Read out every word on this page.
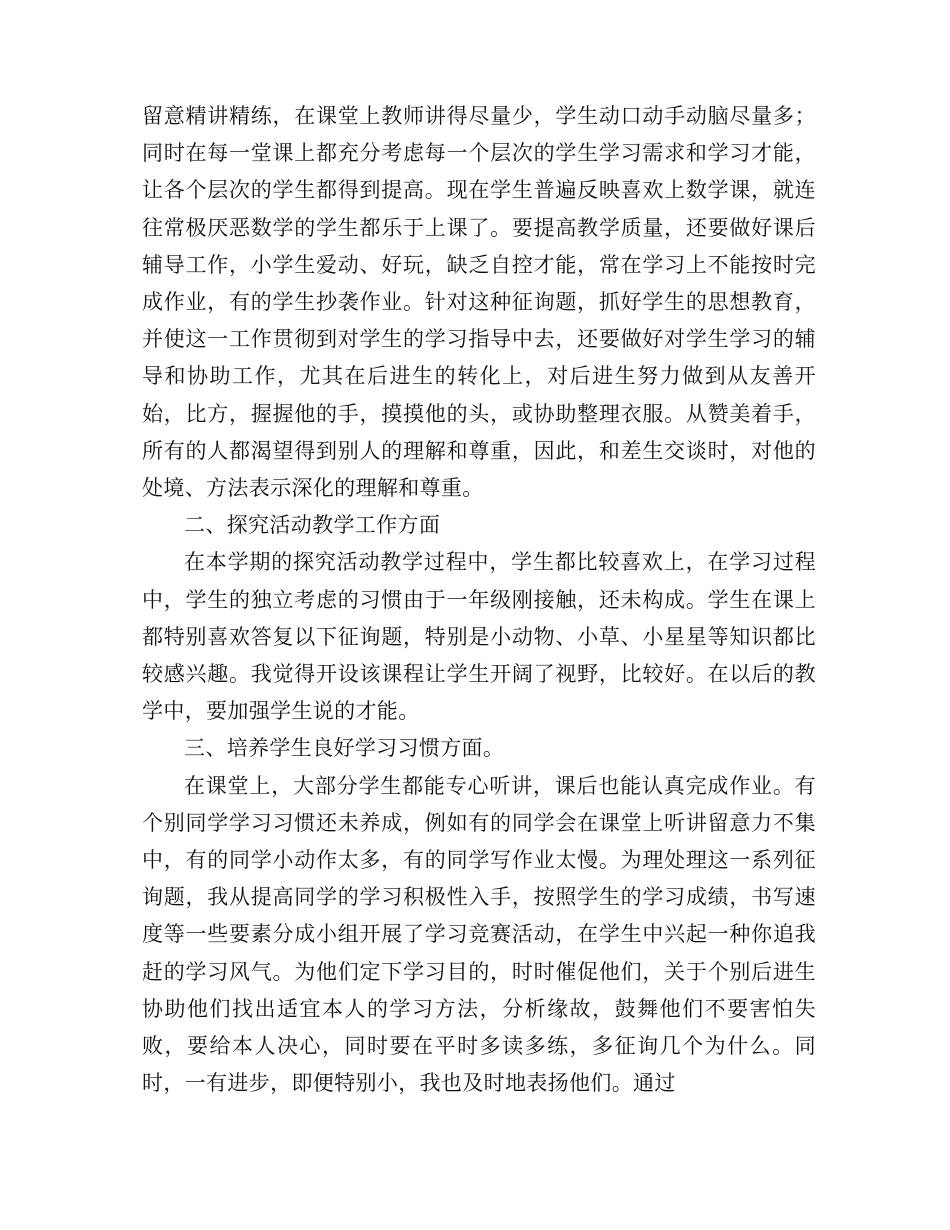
留意精讲精练，在课堂上教师讲得尽量少，学生动口动手动脑尽量多；同时在每一堂课上都充分考虑每一个层次的学生学习需求和学习才能，让各个层次的学生都得到提高。现在学生普遍反映喜欢上数学课，就连往常极厌恶数学的学生都乐于上课了。要提高教学质量，还要做好课后辅导工作，小学生爱动、好玩，缺乏自控才能，常在学习上不能按时完成作业，有的学生抄袭作业。针对这种征询题，抓好学生的思想教育，并使这一工作贯彻到对学生的学习指导中去，还要做好对学生学习的辅导和协助工作，尤其在后进生的转化上，对后进生努力做到从友善开始，比方，握握他的手，摸摸他的头，或协助整理衣服。从赞美着手，所有的人都渴望得到别人的理解和尊重，因此，和差生交谈时，对他的处境、方法表示深化的理解和尊重。

二、探究活动教学工作方面

在本学期的探究活动教学过程中，学生都比较喜欢上，在学习过程中，学生的独立考虑的习惯由于一年级刚接触，还未构成。学生在课上都特别喜欢答复以下征询题，特别是小动物、小草、小星星等知识都比较感兴趣。我觉得开设该课程让学生开阔了视野，比较好。在以后的教学中，要加强学生说的才能。

三、培养学生良好学习习惯方面。

在课堂上，大部分学生都能专心听讲，课后也能认真完成作业。有个别同学学习习惯还未养成，例如有的同学会在课堂上听讲留意力不集中，有的同学小动作太多，有的同学写作业太慢。为理处理这一系列征询题，我从提高同学的学习积极性入手，按照学生的学习成绩，书写速度等一些要素分成小组开展了学习竞赛活动，在学生中兴起一种你追我赶的学习风气。为他们定下学习目的，时时催促他们，关于个别后进生协助他们找出适宜本人的学习方法，分析缘故，鼓舞他们不要害怕失败，要给本人决心，同时要在平时多读多练，多征询几个为什么。同时，一有进步，即便特别小，我也及时地表扬他们。通过
